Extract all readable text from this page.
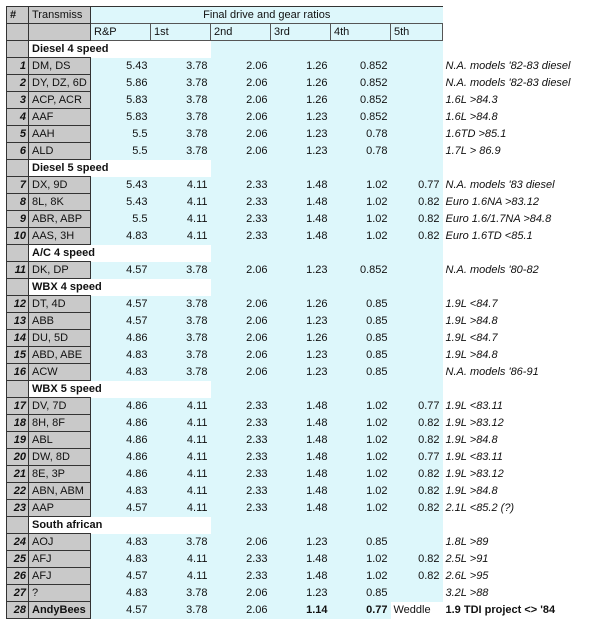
#	Transmiss	Final drive and gear ratios						
		R&P	1st	2nd	3rd	4th	5th	
	Diesel 4 speed							
1	DM, DS	5.43	3.78	2.06	1.26	0.852		N.A. models '82-83 diesel
2	DY, DZ, 6D	5.86	3.78	2.06	1.26	0.852		N.A. models '82-83 diesel
3	ACP, ACR	5.83	3.78	2.06	1.26	0.852		1.6L >84.3
4	AAF	5.83	3.78	2.06	1.23	0.852		1.6L >84.8
5	AAH	5.5	3.78	2.06	1.23	0.78		1.6TD >85.1
6	ALD	5.5	3.78	2.06	1.23	0.78		1.7L > 86.9
	Diesel 5 speed							
7	DX, 9D	5.43	4.11	2.33	1.48	1.02	0.77	N.A. models '83 diesel
8	8L, 8K	5.43	4.11	2.33	1.48	1.02	0.82	Euro 1.6NA >83.12
9	ABR, ABP	5.5	4.11	2.33	1.48	1.02	0.82	Euro 1.6/1.7NA >84.8
10	AAS, 3H	4.83	4.11	2.33	1.48	1.02	0.82	Euro 1.6TD <85.1
	A/C 4 speed							
11	DK, DP	4.57	3.78	2.06	1.23	0.852		N.A. models '80-82
	WBX 4 speed							
12	DT, 4D	4.57	3.78	2.06	1.26	0.85		1.9L <84.7
13	ABB	4.57	3.78	2.06	1.23	0.85		1.9L >84.8
14	DU, 5D	4.86	3.78	2.06	1.26	0.85		1.9L <84.7
15	ABD, ABE	4.83	3.78	2.06	1.23	0.85		1.9L >84.8
16	ACW	4.83	3.78	2.06	1.23	0.85		N.A. models '86-91
	WBX 5 speed							
17	DV, 7D	4.86	4.11	2.33	1.48	1.02	0.77	1.9L <83.11
18	8H, 8F	4.86	4.11	2.33	1.48	1.02	0.82	1.9L >83.12
19	ABL	4.86	4.11	2.33	1.48	1.02	0.82	1.9L >84.8
20	DW, 8D	4.86	4.11	2.33	1.48	1.02	0.77	1.9L <83.11
21	8E, 3P	4.86	4.11	2.33	1.48	1.02	0.82	1.9L >83.12
22	ABN, ABM	4.83	4.11	2.33	1.48	1.02	0.82	1.9L >84.8
23	AAP	4.57	4.11	2.33	1.48	1.02	0.82	2.1L <85.2 (?)
	South african							
24	AOJ	4.83	3.78	2.06	1.23	0.85		1.8L >89
25	AFJ	4.83	4.11	2.33	1.48	1.02	0.82	2.5L >91
26	AFJ	4.57	4.11	2.33	1.48	1.02	0.82	2.6L >95
27	?	4.83	3.78	2.06	1.23	0.85		3.2L >88
28	AndyBees	4.57	3.78	2.06	1.14	0.77	Weddle	1.9 TDI project <> '84
